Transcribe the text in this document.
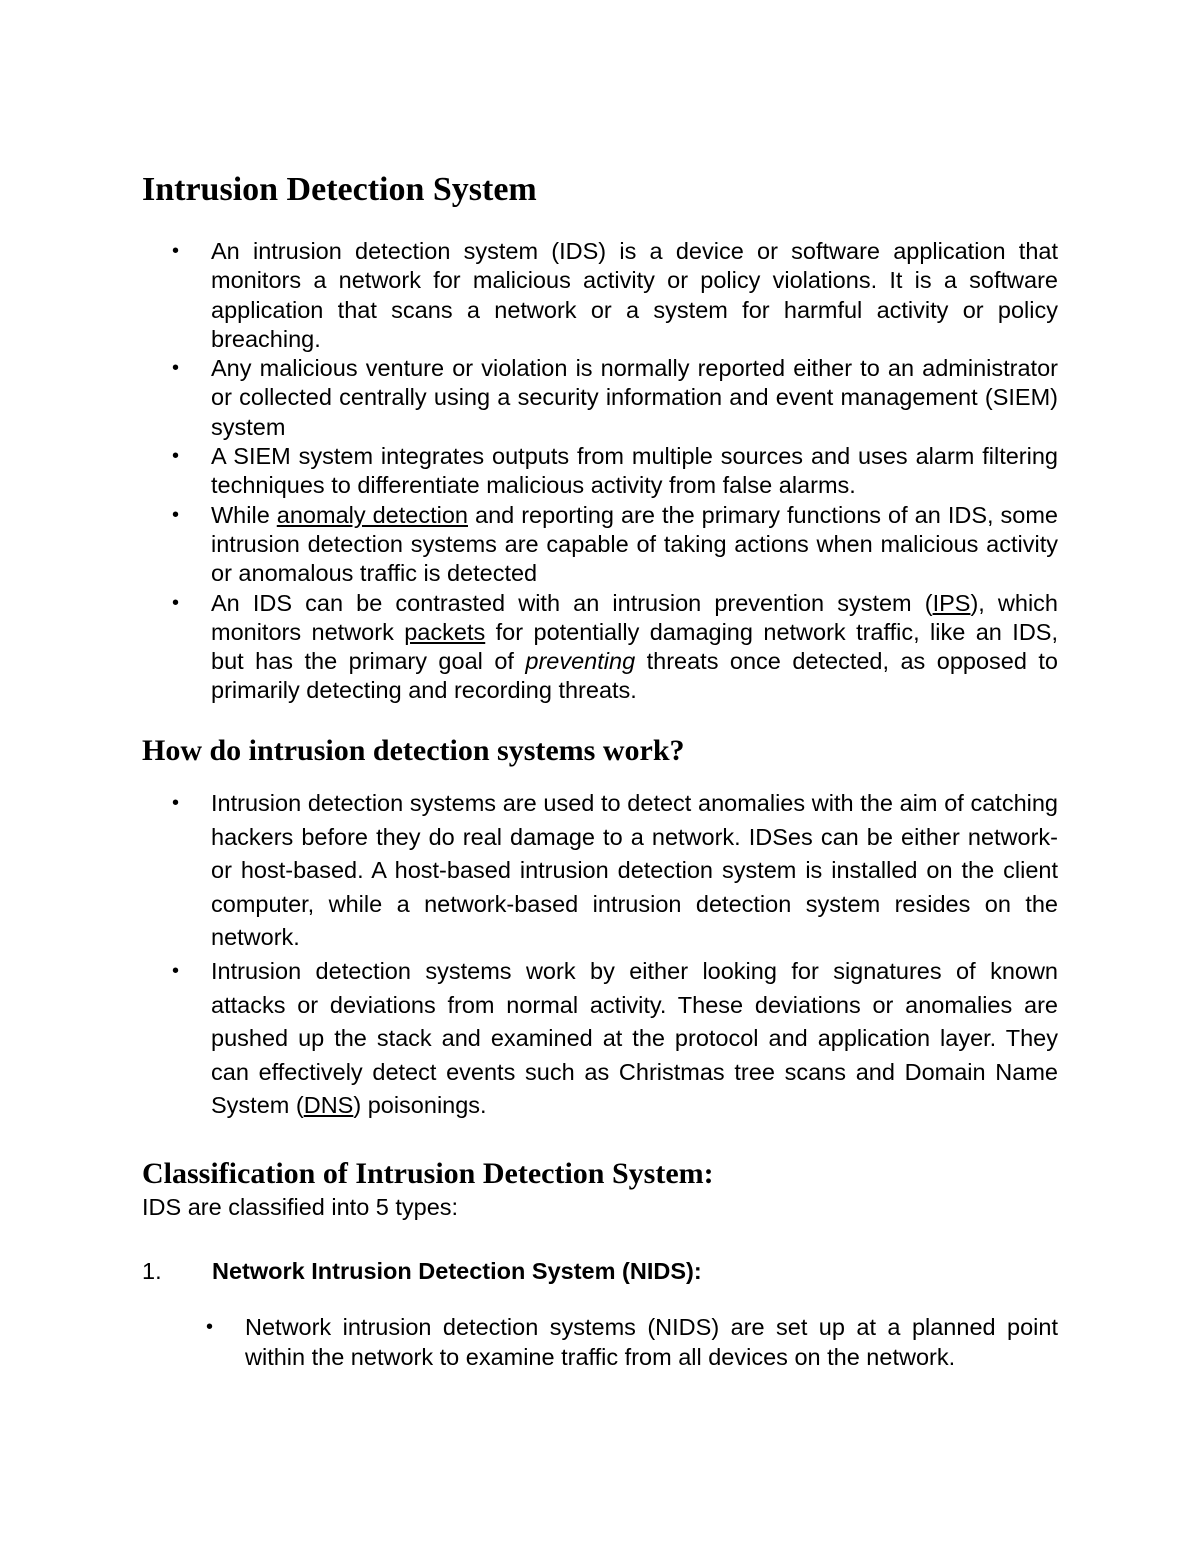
Intrusion Detection System
• An intrusion detection system (IDS) is a device or software application that monitors a network for malicious activity or policy violations. It is a software application that scans a network or a system for harmful activity or policy breaching.
• Any malicious venture or violation is normally reported either to an administrator or collected centrally using a security information and event management (SIEM) system
• A SIEM system integrates outputs from multiple sources and uses alarm filtering techniques to differentiate malicious activity from false alarms.
• While anomaly detection and reporting are the primary functions of an IDS, some intrusion detection systems are capable of taking actions when malicious activity or anomalous traffic is detected
• An IDS can be contrasted with an intrusion prevention system (IPS), which monitors network packets for potentially damaging network traffic, like an IDS, but has the primary goal of preventing threats once detected, as opposed to primarily detecting and recording threats.
How do intrusion detection systems work?
• Intrusion detection systems are used to detect anomalies with the aim of catching hackers before they do real damage to a network. IDSes can be either network- or host-based. A host-based intrusion detection system is installed on the client computer, while a network-based intrusion detection system resides on the network.
• Intrusion detection systems work by either looking for signatures of known attacks or deviations from normal activity. These deviations or anomalies are pushed up the stack and examined at the protocol and application layer. They can effectively detect events such as Christmas tree scans and Domain Name System (DNS) poisonings.
Classification of Intrusion Detection System:

IDS are classified into 5 types:

1. Network Intrusion Detection System (NIDS):
• Network intrusion detection systems (NIDS) are set up at a planned point within the network to examine traffic from all devices on the network.
